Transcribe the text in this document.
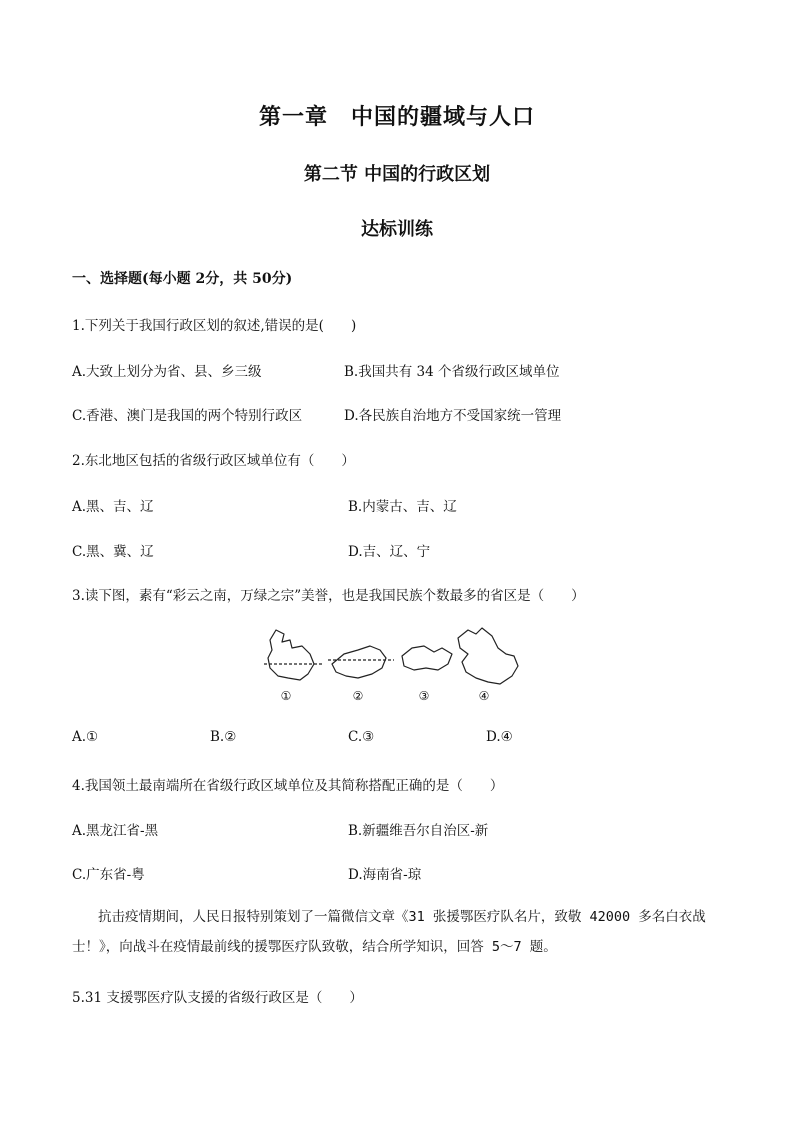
第一章　中国的疆域与人口
第二节 中国的行政区划
达标训练
一、选择题(每小题 2分，共 50分)
1.下列关于我国行政区划的叙述,错误的是(　　)
A.大致上划分为省、县、乡三级	B.我国共有 34 个省级行政区域单位
C.香港、澳门是我国的两个特别行政区	D.各民族自治地方不受国家统一管理
2.东北地区包括的省级行政区域单位有（　　）
A.黑、吉、辽	B.内蒙古、吉、辽
C.黑、冀、辽	D.吉、辽、宁
3.读下图，素有“彩云之南，万绿之宗”美誉，也是我国民族个数最多的省区是（　　）
①	②	③	④
A.①	B.②	C.③	D.④
4.我国领土最南端所在省级行政区域单位及其简称搭配正确的是（　　）
A.黑龙江省-黑	B.新疆维吾尔自治区-新
C.广东省-粤	D.海南省-琼
抗击疫情期间，人民日报特别策划了一篇微信文章《31 张援鄂医疗队名片，致敬 42000 多名白衣战士！》，向战斗在疫情最前线的援鄂医疗队致敬，结合所学知识，回答 5～7 题。
5.31 支援鄂医疗队支援的省级行政区是（　　）
